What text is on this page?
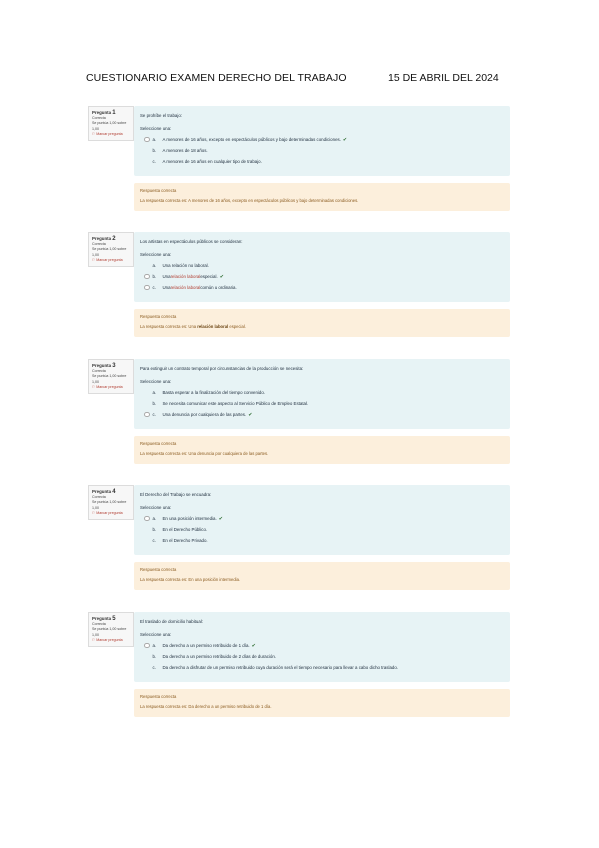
CUESTIONARIO EXAMEN DERECHO DEL TRABAJO	15 DE ABRIL DEL 2024
Pregunta 1
Correcta
Se puntúa 1,00 sobre 1,00
⚐ Marcar pregunta
Se prohíbe el trabajo:
Seleccione una:
a.	A menores de 16 años, excepto en espectáculos públicos y bajo determinadas condiciones. ✔
b.	A menores de 18 años.
c.	A menores de 16 años en cualquier tipo de trabajo.
Respuesta correcta
La respuesta correcta es: A menores de 16 años, excepto en espectáculos públicos y bajo determinadas condiciones.
Pregunta 2
Correcta
Se puntúa 1,00 sobre 1,00
⚐ Marcar pregunta
Los artistas en espectáculos públicos se consideran:
Seleccione una:
a.	Una relación no laboral.
b.	Una relación laboral especial. ✔
c.	Una relación laboral común u ordinaria.
Respuesta correcta
La respuesta correcta es: Una relación laboral especial.
Pregunta 3
Correcta
Se puntúa 1,00 sobre 1,00
⚐ Marcar pregunta
Para extinguir un contrato temporal por circunstancias de la producción se necesita:
Seleccione una:
a.	Basta esperar a la finalización del tiempo convenido.
b.	Se necesita comunicar este aspecto al Servicio Público de Empleo Estatal.
c.	Una denuncia por cualquiera de las partes. ✔
Respuesta correcta
La respuesta correcta es: Una denuncia por cualquiera de las partes.
Pregunta 4
Correcta
Se puntúa 1,00 sobre 1,00
⚐ Marcar pregunta
El Derecho del Trabajo se encuadra:
Seleccione una:
a.	En una posición intermedia. ✔
b.	En el Derecho Público.
c.	En el Derecho Privado.
Respuesta correcta
La respuesta correcta es: En una posición intermedia.
Pregunta 5
Correcta
Se puntúa 1,00 sobre 1,00
⚐ Marcar pregunta
El traslado de domicilio habitual:
Seleccione una:
a.	Da derecho a un permiso retribuido de 1 día. ✔
b.	Da derecho a un permiso retribuido de 2 días de duración.
c.	Da derecho a disfrutar de un permiso retribuido cuya duración será el tiempo necesario para llevar a cabo dicho traslado.
Respuesta correcta
La respuesta correcta es: Da derecho a un permiso retribuido de 1 día.
